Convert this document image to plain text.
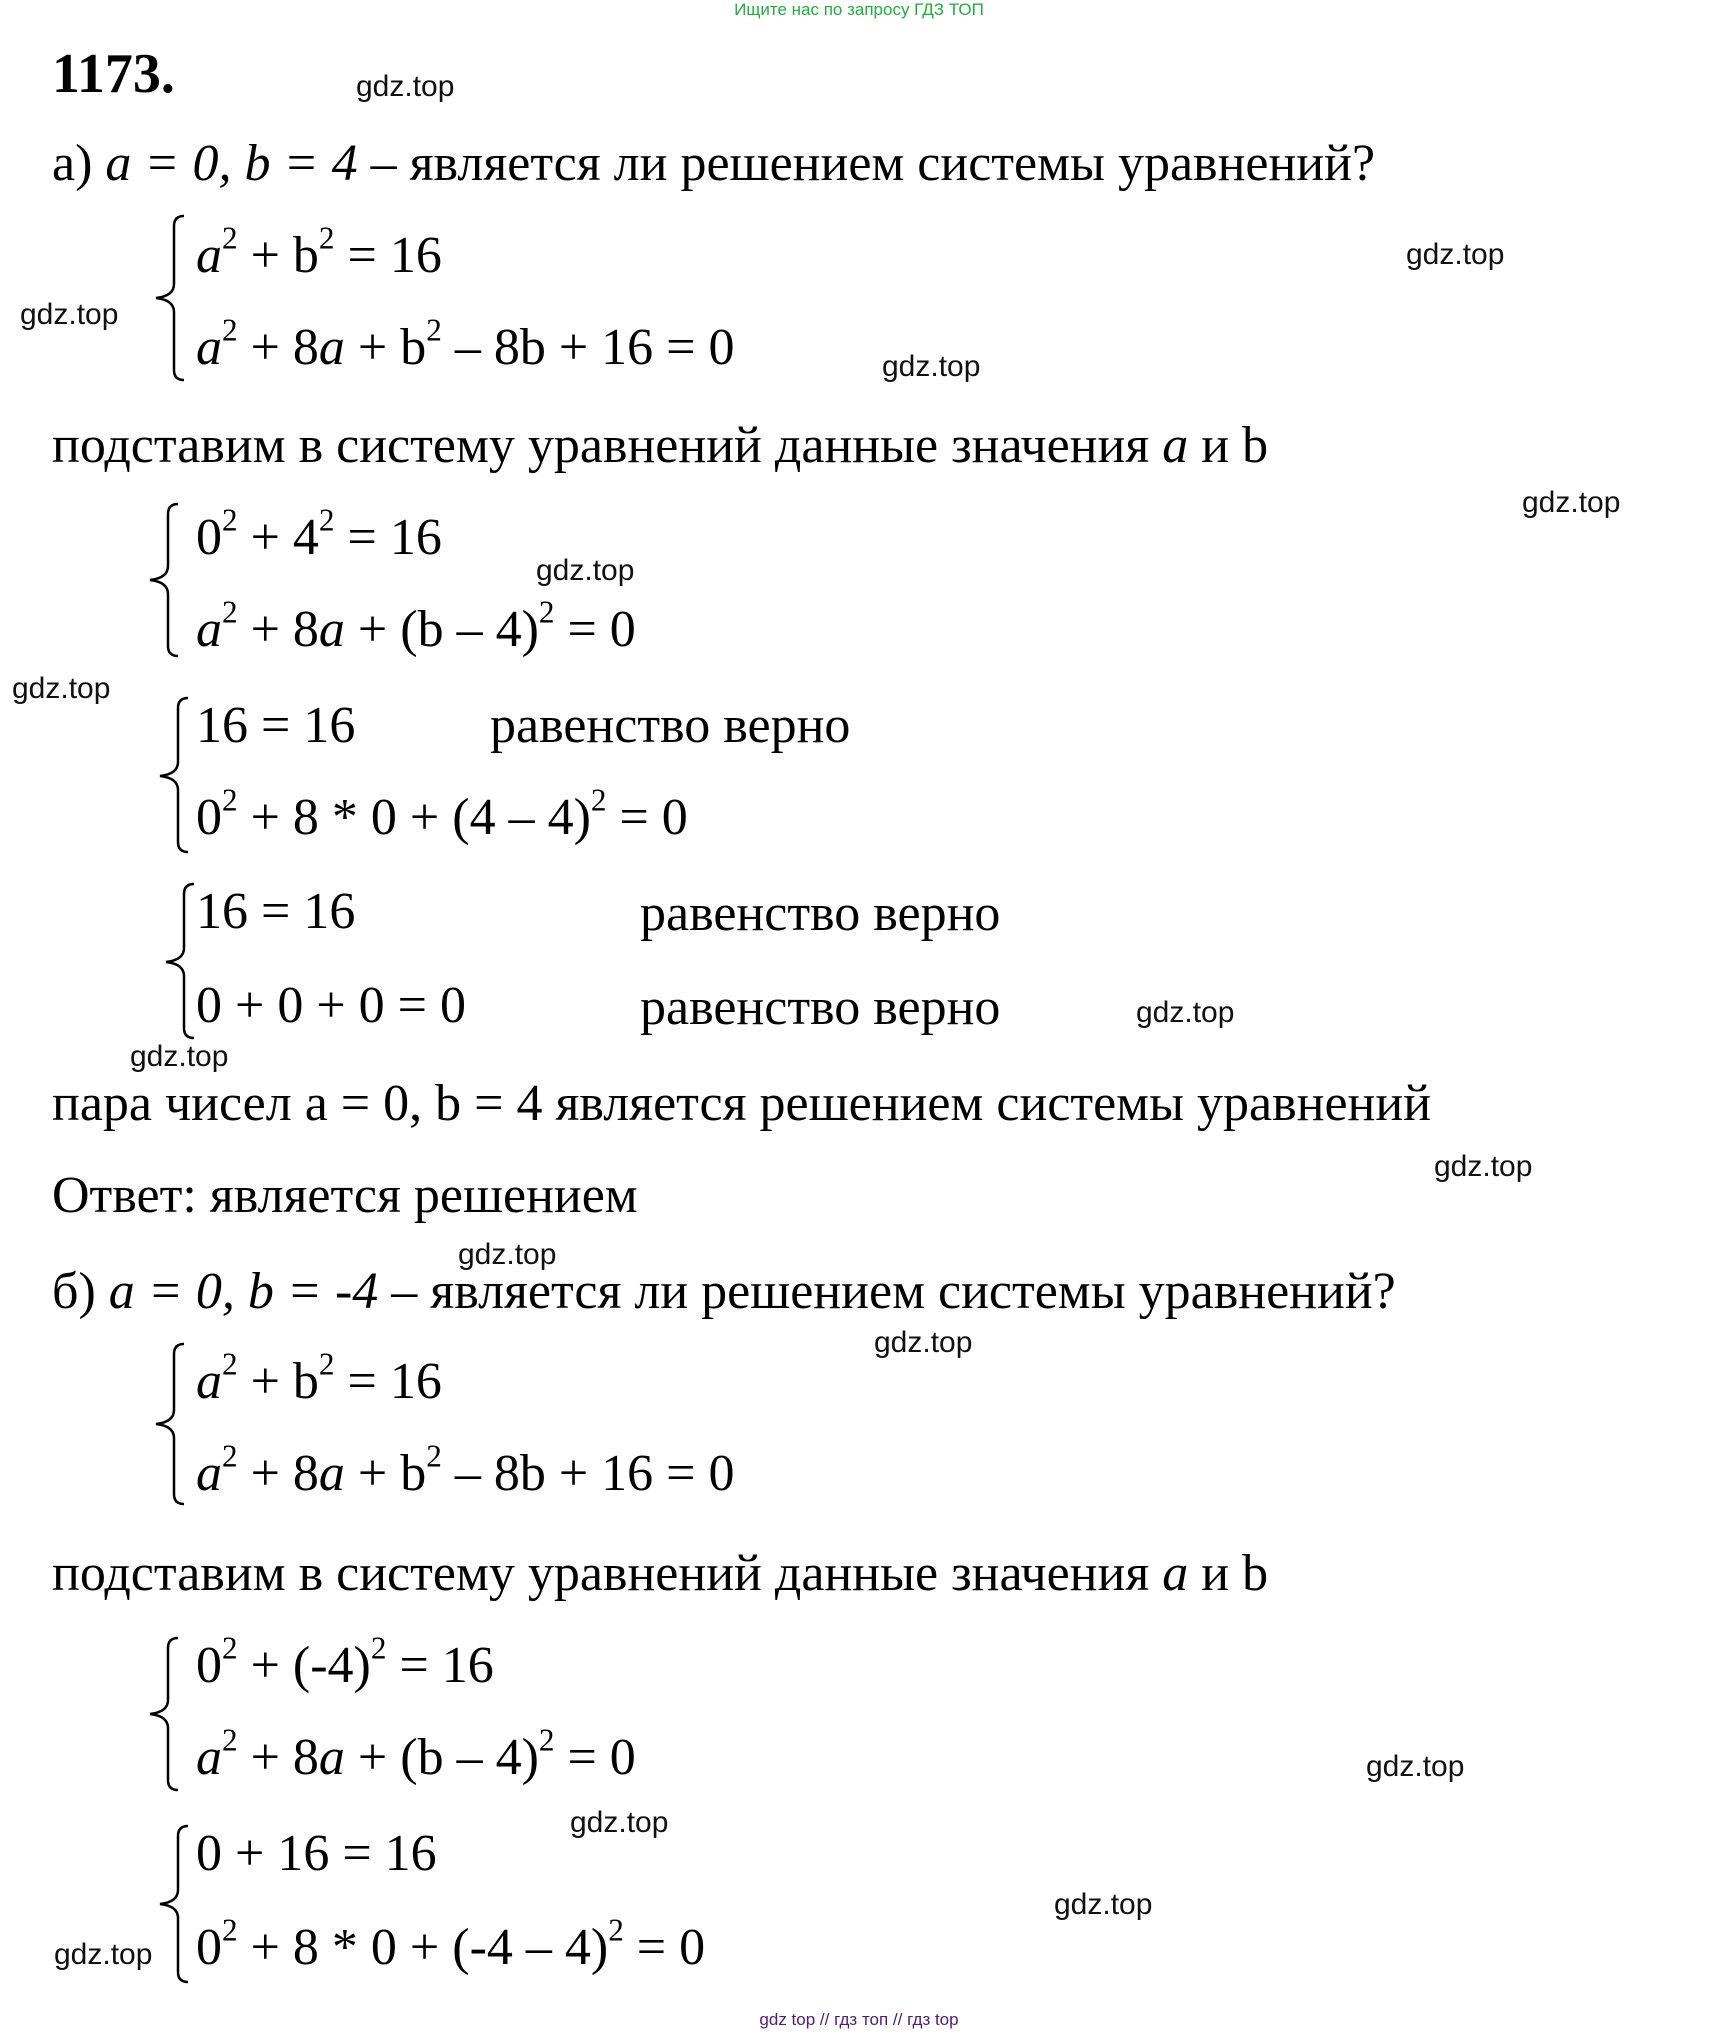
Ищите нас по запросу ГДЗ ТОП
1173.
а) a = 0, b = 4 – является ли решением системы уравнений?
$a^2 + b^2 = 16$
$a^2 + 8a + b^2 - 8b + 16 = 0$
подставим в систему уравнений данные значения a и b
$0^2 + 4^2 = 16$
$a^2 + 8a + (b - 4)^2 = 0$
16 = 16	равенство верно
$0^2 + 8 * 0 + (4 - 4)^2 = 0$
16 = 16	равенство верно
0 + 0 + 0 = 0	равенство верно
пара чисел a = 0, b = 4 является решением системы уравнений
Ответ: является решением
б) a = 0, b = -4 – является ли решением системы уравнений?
$a^2 + b^2 = 16$
$a^2 + 8a + b^2 - 8b + 16 = 0$
подставим в систему уравнений данные значения a и b
$0^2 + (-4)^2 = 16$
$a^2 + 8a + (b - 4)^2 = 0$
0 + 16 = 16
$0^2 + 8 * 0 + (-4 - 4)^2 = 0$
gdz.top
gdz.top
gdz.top
gdz.top
gdz.top
gdz.top
gdz.top
gdz.top
gdz.top
gdz.top
gdz.top
gdz.top
gdz.top
gdz.top
gdz.top
gdz.top
gdz top // гдз топ // гдз top
